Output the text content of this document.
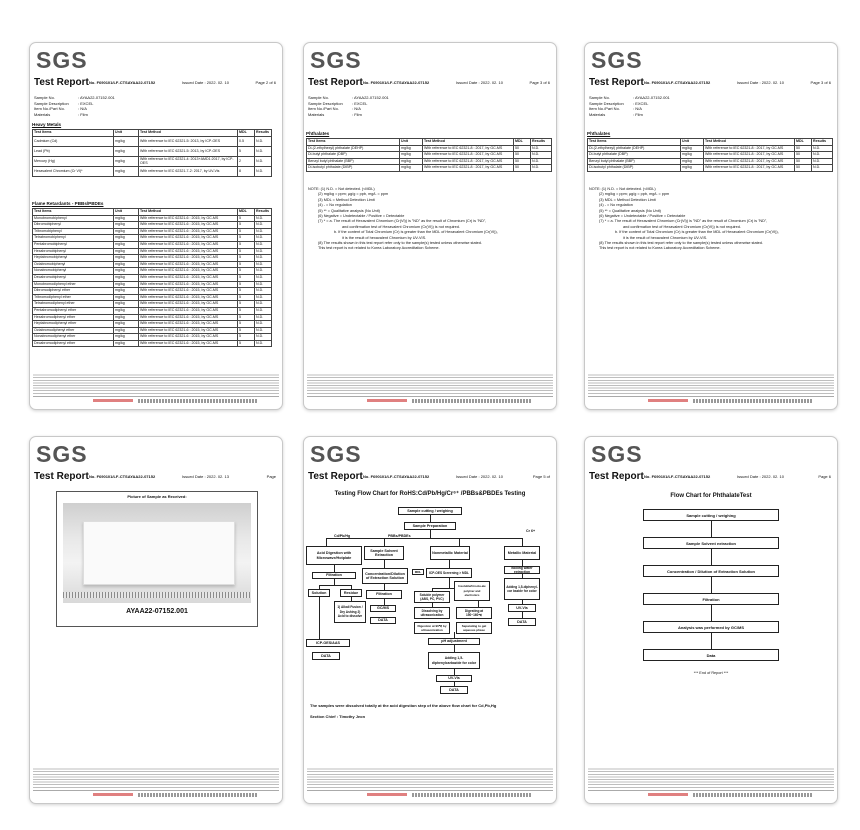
SGS
Test Report No. F690101/LF-CTSAYAA22-07152	Issued Date : 2022. 02. 10	Page 2 of 6
Sample No.	: AYAA22-07152.001
Sample Description : EXCEL
Item No./Part No.	: N/A
Materials	: Film
Heavy Metals
Test Items	Unit	Test Method	MDL	Results
Cadmium (Cd)	mg/kg	With reference to IEC 62321-5: 2013, by ICP-OES	0.5	N.D.
Lead (Pb)	mg/kg	With reference to IEC 62321-5: 2013, by ICP-OES	5	N.D.
Mercury (Hg)	mg/kg	With reference to IEC 62321-4: 2013+AMD1:2017, by ICP-OES	2	N.D.
Hexavalent Chromium (Cr VI)*	mg/kg	With reference to IEC 62321-7-2: 2017, by UV-Vis	8	N.D.
Flame Retardants - PBBs/PBDEs
Test Items	Unit	Test Method	MDL	Results
Monobromobiphenyl	mg/kg	With reference to IEC 62321-6 : 2015, by GC-MS	5	N.D.
Dibromobiphenyl	mg/kg	With reference to IEC 62321-6 : 2015, by GC-MS	5	N.D.
Tribromobiphenyl	mg/kg	With reference to IEC 62321-6 : 2015, by GC-MS	5	N.D.
Tetrabromobiphenyl	mg/kg	With reference to IEC 62321-6 : 2015, by GC-MS	5	N.D.
Pentabromobiphenyl	mg/kg	With reference to IEC 62321-6 : 2015, by GC-MS	5	N.D.
Hexabromobiphenyl	mg/kg	With reference to IEC 62321-6 : 2015, by GC-MS	5	N.D.
Heptabromobiphenyl	mg/kg	With reference to IEC 62321-6 : 2015, by GC-MS	5	N.D.
Octabromobiphenyl	mg/kg	With reference to IEC 62321-6 : 2015, by GC-MS	5	N.D.
Nonabromobiphenyl	mg/kg	With reference to IEC 62321-6 : 2015, by GC-MS	5	N.D.
Decabromobiphenyl	mg/kg	With reference to IEC 62321-6 : 2015, by GC-MS	5	N.D.
Monobromodiphenyl ether	mg/kg	With reference to IEC 62321-6 : 2015, by GC-MS	5	N.D.
Dibromodiphenyl ether	mg/kg	With reference to IEC 62321-6 : 2015, by GC-MS	5	N.D.
Tribromodiphenyl ether	mg/kg	With reference to IEC 62321-6 : 2015, by GC-MS	5	N.D.
Tetrabromodiphenyl ether	mg/kg	With reference to IEC 62321-6 : 2015, by GC-MS	5	N.D.
Pentabromodiphenyl ether	mg/kg	With reference to IEC 62321-6 : 2015, by GC-MS	5	N.D.
Hexabromodiphenyl ether	mg/kg	With reference to IEC 62321-6 : 2015, by GC-MS	5	N.D.
Heptabromodiphenyl ether	mg/kg	With reference to IEC 62321-6 : 2015, by GC-MS	5	N.D.
Octabromodiphenyl ether	mg/kg	With reference to IEC 62321-6 : 2015, by GC-MS	5	N.D.
Nonabromodiphenyl ether	mg/kg	With reference to IEC 62321-6 : 2015, by GC-MS	5	N.D.
Decabromodiphenyl ether	mg/kg	With reference to IEC 62321-6 : 2015, by GC-MS	5	N.D.
SGS
Test Report No. F690101/LF-CTSAYAA22-07152	Issued Date : 2022. 02. 10	Page 3 of 6
Sample No.	: AYAA22-07152.001
Sample Description : EXCEL
Item No./Part No.	: N/A
Materials	: Film
Phthalates
Test Items	Unit	Test Method	MDL	Results
Di-(2-ethylhexyl) phthalate (DEHP)	mg/kg	With reference to IEC 62321-8 : 2017, by GC-MS	50	N.D.
Di-butyl phthalate (DBP)	mg/kg	With reference to IEC 62321-8 : 2017, by GC-MS	50	N.D.
Benzyl butyl phthalate (BBP)	mg/kg	With reference to IEC 62321-8 : 2017, by GC-MS	50	N.D.
Di-isobutyl phthalate (DIBP)	mg/kg	With reference to IEC 62321-8 : 2017, by GC-MS	50	N.D.
NOTE: (1) N.D. = Not detected. (<MDL)
(2) mg/kg = ppm; µg/g = ppb, mg/L = ppm
(3) MDL = Method Detection Limit
(4) - = No regulation
(5) ** = Qualitative analysis (No Unit)
(6) Negative = Undetectable / Positive = Detectable
(7) * = a. The result of Hexavalent Chromium (Cr(VI)) is "ND" as the result of Chromium (Cr) is "ND",
and confirmation test of Hexavalent Chromium (Cr(VI)) is not required.
b. If the content of Total Chromium (Cr) is greater than the MDL of Hexavalent Chromium (Cr(VI)),
it is the result of hexavalent Chromium by UV-VIS.
(8) The results shown in this test report refer only to the sample(s) tested unless otherwise stated.
This test report is not related to Korea Laboratory Accreditation Scheme.
SGS
Test Report No. F690101/LF-CTSAYAA22-07152	Issued Date : 2022. 02. 10	Page 3 of 6
Sample No.	: AYAA22-07152.001
Sample Description : EXCEL
Item No./Part No.	: N/A
Materials	: Film
Phthalates
Test Items	Unit	Test Method	MDL	Results
Di-(2-ethylhexyl) phthalate (DEHP)	mg/kg	With reference to IEC 62321-8 : 2017, by GC-MS	50	N.D.
Di-butyl phthalate (DBP)	mg/kg	With reference to IEC 62321-8 : 2017, by GC-MS	50	N.D.
Benzyl butyl phthalate (BBP)	mg/kg	With reference to IEC 62321-8 : 2017, by GC-MS	50	N.D.
Di-isobutyl phthalate (DIBP)	mg/kg	With reference to IEC 62321-8 : 2017, by GC-MS	50	N.D.
NOTE: (1) N.D. = Not detected. (<MDL)
(2) mg/kg = ppm; µg/g = ppb, mg/L = ppm
(3) MDL = Method Detection Limit
(4) - = No regulation
(5) ** = Qualitative analysis (No Unit)
(6) Negative = Undetectable / Positive = Detectable
(7) * = a. The result of Hexavalent Chromium (Cr(VI)) is "ND" as the result of Chromium (Cr) is "ND",
and confirmation test of Hexavalent Chromium (Cr(VI)) is not required.
b. If the content of Total Chromium (Cr) is greater than the MDL of Hexavalent Chromium (Cr(VI)),
it is the result of hexavalent Chromium by UV-VIS.
(8) The results shown in this test report refer only to the sample(s) tested unless otherwise stated.
This test report is not related to Korea Laboratory Accreditation Scheme.
SGS
Test Report No. F690101/LF-CTSAYAA22-07152	Issued Date : 2022. 02. 13	Page
Picture of Sample as Received:
AYAA22-07152.001
SGS
Test Report No. F690101/LF-CTSAYAA22-07152	Issued Date : 2022. 02. 10	Page 5 of
Testing Flow Chart for RoHS:Cd/Pb/Hg/Cr⁶⁺ /PBBs&PBDEs Testing
Sample cutting / weighing
Sample Preparation
Cd/Pb/Hg	PBBs/PBDEs
Cr 6+
Acid Digestion with Microwave/Hotplate
Sample Solvent Extraction
Nonmetallic Material	Metallic Material
Filtration	Concentration/Dilution of Extraction Solution
MDL	ICP-OES Screening > MDL
Boiling water extraction
Solution	Residue	Filtration	Soluble polymer (ABS, PC, PVC)
Insoluble/Unsolu-ate polymer and electronics
Adding 1,5-diphenyl-car bazide for color
1) Alkali Fusion / Dry Ashing 2) Acid to dissolve
GC/MS
Dissolving by ultrasonication
Digesting at 150~160℃
UV-Vis
DATA	DATA
Digestion at 90℃ by ultrasonication
Separating to get aqueous phase
ICP-OES/AAS	pH adjustment
DATA
Adding 1,5-diphenylcarbazide for color
UV-Vis
DATA
The samples were dissolved totally at the acid digestion step of the above flow chart for Cd,Pb,Hg
Section Chief : Timothy Jeon
SGS
Test Report No. F690101/LF-CTSAYAA22-07152	Issued Date : 2022. 02. 10	Page 6
Flow Chart for PhthalateTest
Sample cutting / weighing
Sample Solvent extraction
Concentration / Dilution of Extraction Solution
Filtration
Analysis was performed by GC/MS
Data
*** End of Report ***
